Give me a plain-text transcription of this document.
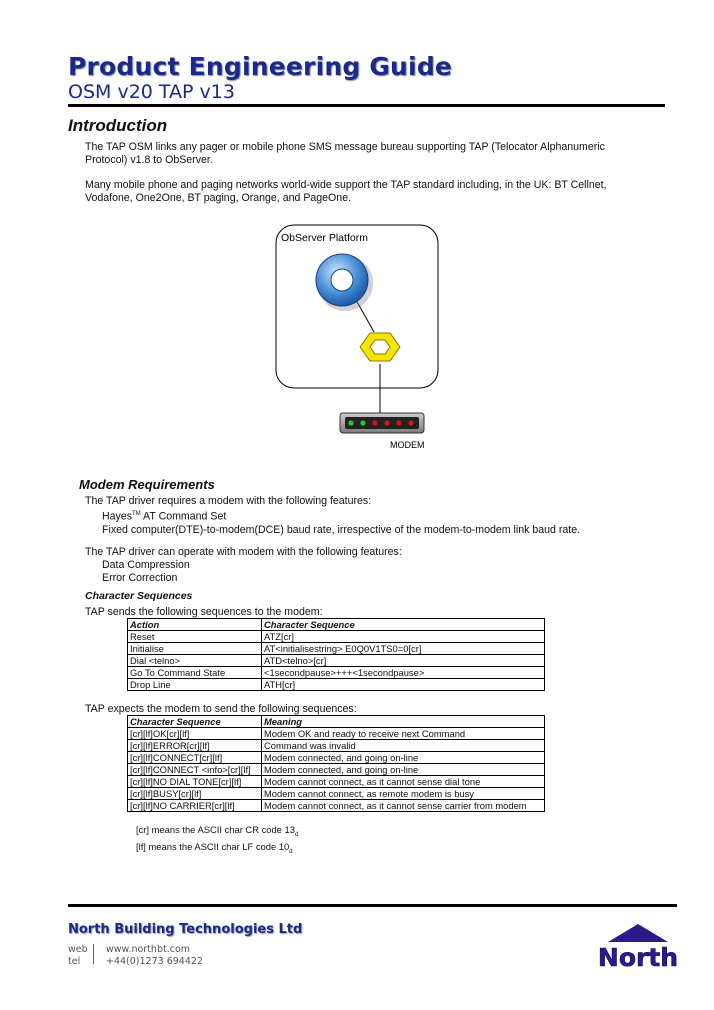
Product Engineering Guide
OSM v20 TAP v13
Introduction
The TAP OSM links any pager or mobile phone SMS message bureau supporting TAP (Telocator Alphanumeric
Protocol) v1.8 to ObServer.
Many mobile phone and paging networks world-wide support the TAP standard including, in the UK: BT Cellnet,
Vodafone, One2One, BT paging, Orange, and PageOne.
ObServer Platform
MODEM
Modem Requirements
The TAP driver requires a modem with the following features:
Hayes™ AT Command Set
Fixed computer(DTE)-to-modem(DCE) baud rate, irrespective of the modem-to-modem link baud rate.
The TAP driver can operate with modem with the following features:
Data Compression
Error Correction
Character Sequences
TAP sends the following sequences to the modem:
Action	Character Sequence
Reset	ATZ[cr]
Initialise	AT<initialisestring> E0Q0V1TS0=0[cr]
Dial <telno>	ATD<telno>[cr]
Go To Command State	<1secondpause>+++<1secondpause>
Drop Line	ATH[cr]
TAP expects the modem to send the following sequences:
Character Sequence	Meaning
[cr][lf]OK[cr][lf]	Modem OK and ready to receive next Command
[cr][lf]ERROR[cr][lf]	Command was invalid
[cr][lf]CONNECT[cr][lf]	Modem connected, and going on-line
[cr][lf]CONNECT <info>[cr][lf]	Modem connected, and going on-line
[cr][lf]NO DIAL TONE[cr][lf]	Modem cannot connect, as it cannot sense dial tone
[cr][lf]BUSY[cr][lf]	Modem cannot connect, as remote modem is busy
[cr][lf]NO CARRIER[cr][lf]	Modem cannot connect, as it cannot sense carrier from modem
[cr] means the ASCII char CR code $13_d$
[lf] means the ASCII char LF code $10_d$
North Building Technologies Ltd
web
tel
www.northbt.com
+44(0)1273 694422	North
